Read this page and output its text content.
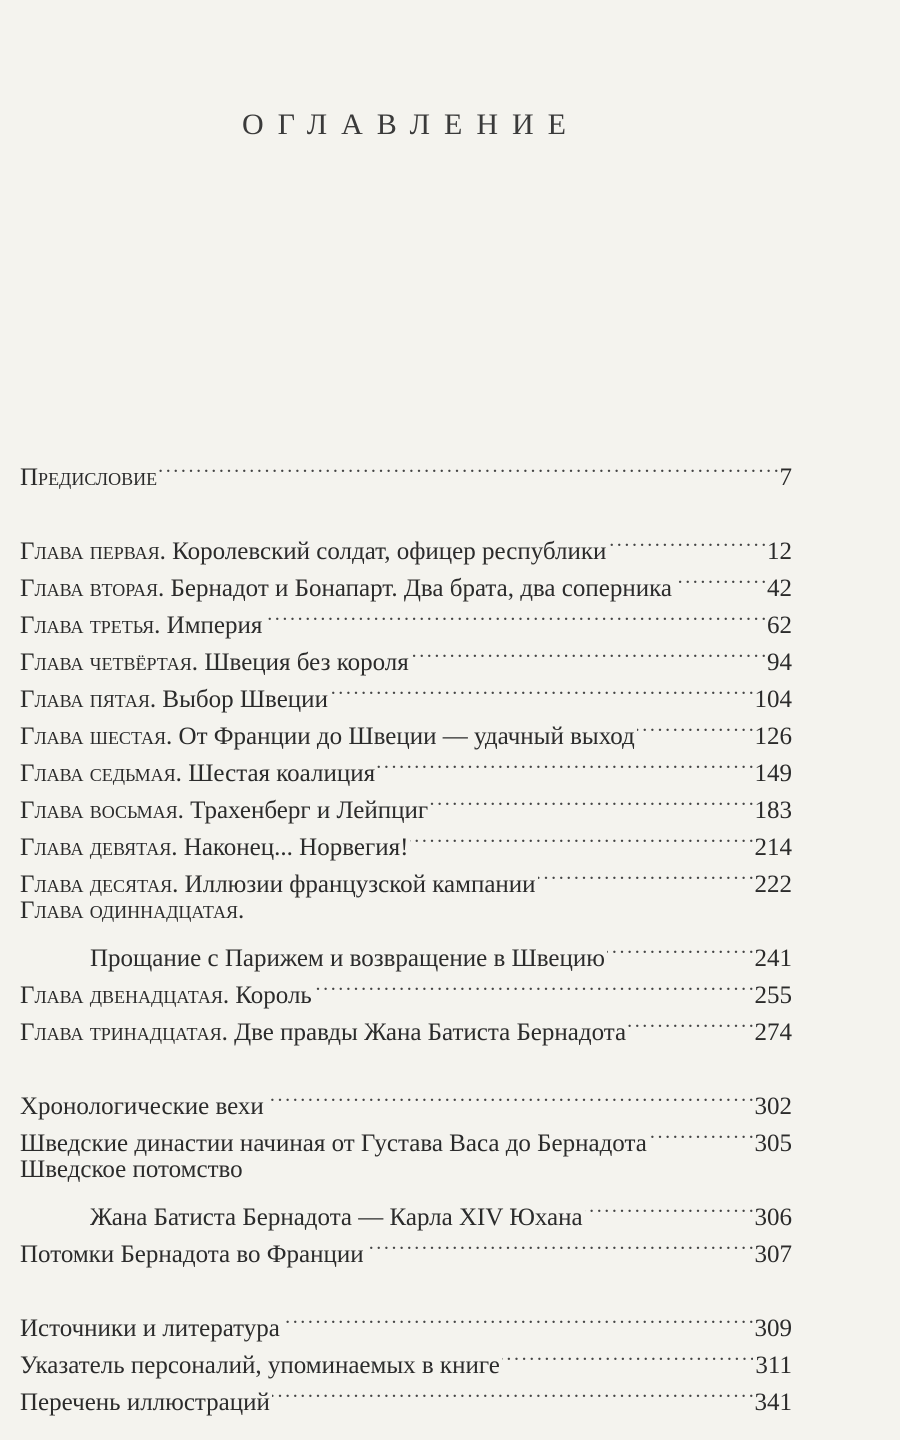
ОГЛАВЛЕНИЕ
Предисловие . . .	7
Глава первая. Королевский солдат, офицер республики . . .	12
Глава вторая. Бернадот и Бонапарт. Два брата, два соперника . . .	42
Глава третья. Империя . . .	62
Глава четвёртая. Швеция без короля . . .	94
Глава пятая. Выбор Швеции . . .	104
Глава шестая. От Франции до Швеции — удачный выход . . .	126
Глава седьмая. Шестая коалиция . . .	149
Глава восьмая. Трахенберг и Лейпциг . . .	183
Глава девятая. Наконец... Норвегия! . . .	214
Глава десятая. Иллюзии французской кампании . . .	222
Глава одиннадцатая.
Прощание с Парижем и возвращение в Швецию . . .	241
Глава двенадцатая. Король . . .	255
Глава тринадцатая. Две правды Жана Батиста Бернадота . . .	274
Хронологические вехи . . .	302
Шведские династии начиная от Густава Васа до Бернадота . . .	305
Шведское потомство
Жана Батиста Бернадота — Карла XIV Юхана . . .	306
Потомки Бернадота во Франции . . .	307
Источники и литература . . .	309
Указатель персоналий, упоминаемых в книге . . .	311
Перечень иллюстраций . . .	341
